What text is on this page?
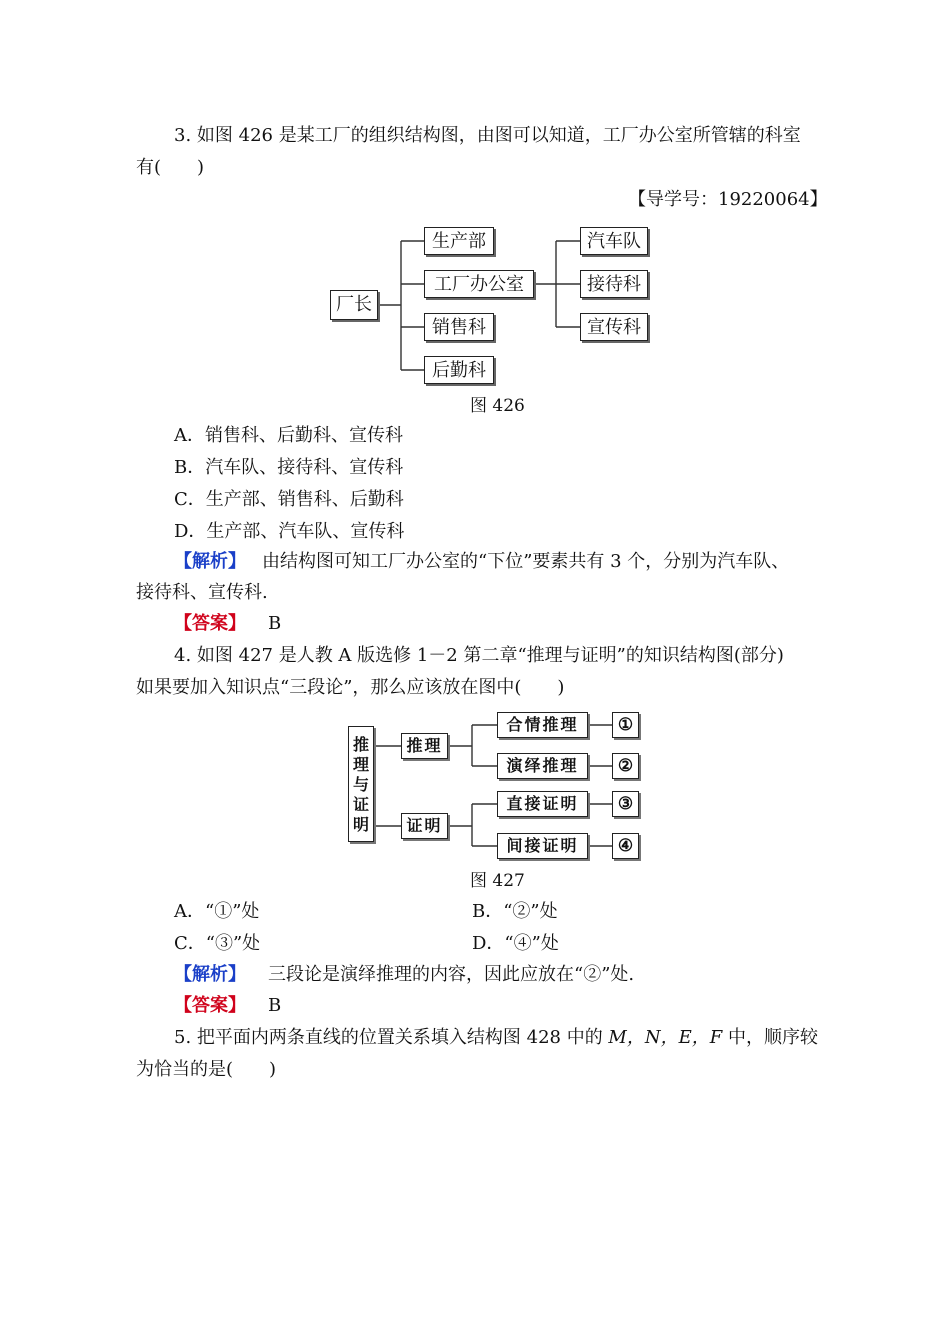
3. 如图 426 是某工厂的组织结构图，由图可以知道，工厂办公室所管辖的科室
有(　　)
【导学号：19220064】
厂长
生产部
工厂办公室
销售科
后勤科
汽车队
接待科
宣传科
图 426
A．销售科、后勤科、宣传科
B．汽车队、接待科、宣传科
C．生产部、销售科、后勤科
D．生产部、汽车队、宣传科
【解析】 由结构图可知工厂办公室的“下位”要素共有 3 个，分别为汽车队、
接待科、宣传科.
【答案】 B
4. 如图 427 是人教 A 版选修 1－2 第二章“推理与证明”的知识结构图(部分)
如果要加入知识点“三段论”，那么应该放在图中(　　)
推理与证明
推理
证明
合情推理
演绎推理
直接证明
间接证明
①
②
③
④
图 427
A．“①”处	B．“②”处
C．“③”处	D．“④”处
【解析】 三段论是演绎推理的内容，因此应放在“②”处.
【答案】 B
5. 把平面内两条直线的位置关系填入结构图 428 中的 M，N，E，F 中，顺序较
为恰当的是(　　)
